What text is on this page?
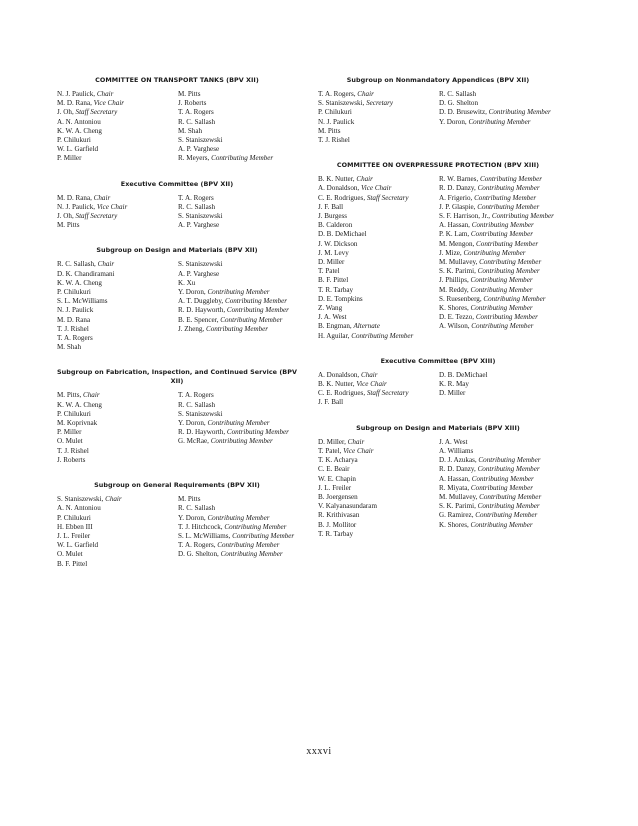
COMMITTEE ON TRANSPORT TANKS (BPV XII)
N. J. Paulick, Chair
M. D. Rana, Vice Chair
J. Oh, Staff Secretary
A. N. Antoniou
K. W. A. Cheng
P. Chilukuri
W. L. Garfield
P. Miller
M. Pitts
J. Roberts
T. A. Rogers
R. C. Sallash
M. Shah
S. Staniszewski
A. P. Varghese
R. Meyers, Contributing Member
Executive Committee (BPV XII)
M. D. Rana, Chair
N. J. Paulick, Vice Chair
J. Oh, Staff Secretary
M. Pitts
T. A. Rogers
R. C. Sallash
S. Staniszewski
A. P. Varghese
Subgroup on Design and Materials (BPV XII)
R. C. Sallash, Chair
D. K. Chandiramani
K. W. A. Cheng
P. Chilukuri
S. L. McWilliams
N. J. Paulick
M. D. Rana
T. J. Rishel
T. A. Rogers
M. Shah
S. Staniszewski
A. P. Varghese
K. Xu
Y. Doron, Contributing Member
A. T. Duggleby, Contributing Member
R. D. Hayworth, Contributing Member
B. E. Spencer, Contributing Member
J. Zheng, Contributing Member
Subgroup on Fabrication, Inspection, and Continued Service (BPV XII)
M. Pitts, Chair
K. W. A. Cheng
P. Chilukuri
M. Koprivnak
P. Miller
O. Mulet
T. J. Rishel
J. Roberts
T. A. Rogers
R. C. Sallash
S. Staniszewski
Y. Doron, Contributing Member
R. D. Hayworth, Contributing Member
G. McRae, Contributing Member
Subgroup on General Requirements (BPV XII)
S. Staniszewski, Chair
A. N. Antoniou
P. Chilukuri
H. Ebben III
J. L. Freiler
W. L. Garfield
O. Mulet
B. F. Pittel
M. Pitts
R. C. Sallash
Y. Doron, Contributing Member
T. J. Hitchcock, Contributing Member
S. L. McWilliams, Contributing Member
T. A. Rogers, Contributing Member
D. G. Shelton, Contributing Member
Subgroup on Nonmandatory Appendices (BPV XII)
T. A. Rogers, Chair
S. Staniszewski, Secretary
P. Chilukuri
N. J. Paulick
M. Pitts
T. J. Rishel
R. C. Sallash
D. G. Shelton
D. D. Brusewitz, Contributing Member
Y. Doron, Contributing Member
COMMITTEE ON OVERPRESSURE PROTECTION (BPV XIII)
B. K. Nutter, Chair
A. Donaldson, Vice Chair
C. E. Rodrigues, Staff Secretary
J. F. Ball
J. Burgess
B. Calderon
D. B. DeMichael
J. W. Dickson
J. M. Levy
D. Miller
T. Patel
B. F. Pittel
T. R. Tarbay
D. E. Tompkins
Z. Wang
J. A. West
B. Engman, Alternate
H. Aguilar, Contributing Member
R. W. Barnes, Contributing Member
R. D. Danzy, Contributing Member
A. Frigerio, Contributing Member
J. P. Glaspie, Contributing Member
S. F. Harrison, Jr., Contributing Member
A. Hassan, Contributing Member
P. K. Lam, Contributing Member
M. Mengon, Contributing Member
J. Mize, Contributing Member
M. Mullavey, Contributing Member
S. K. Parimi, Contributing Member
J. Phillips, Contributing Member
M. Reddy, Contributing Member
S. Ruesenberg, Contributing Member
K. Shores, Contributing Member
D. E. Tezzo, Contributing Member
A. Wilson, Contributing Member
Executive Committee (BPV XIII)
A. Donaldson, Chair
B. K. Nutter, Vice Chair
C. E. Rodrigues, Staff Secretary
J. F. Ball
D. B. DeMichael
K. R. May
D. Miller
Subgroup on Design and Materials (BPV XIII)
D. Miller, Chair
T. Patel, Vice Chair
T. K. Acharya
C. E. Beair
W. E. Chapin
J. L. Freiler
B. Joergensen
V. Kalyanasundaram
R. Krithivasan
B. J. Mollitor
T. R. Tarbay
J. A. West
A. Williams
D. J. Azukas, Contributing Member
R. D. Danzy, Contributing Member
A. Hassan, Contributing Member
R. Miyata, Contributing Member
M. Mullavey, Contributing Member
S. K. Parimi, Contributing Member
G. Ramirez, Contributing Member
K. Shores, Contributing Member
xxxvi
